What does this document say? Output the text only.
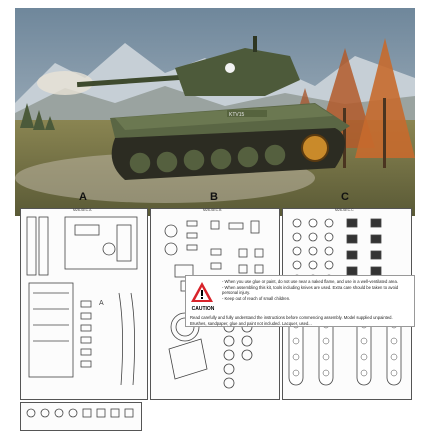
KTV15
A	B	C
M26-SEC.A
A
M26-SEC.B	M26-SEC.C
CAUTION
- When you use glue or paint, do not use near a naked flame, and use in a well-ventilated area.
- When assembling this kit, tools including knives are used. Extra care should be taken to avoid personal injury.
- Keep out of reach of small children.
Read carefully and fully understand the instructions before commencing assembly. Model supplied unpainted. Brushes, sandpaper, glue and paint not included. Lacquer, used...
